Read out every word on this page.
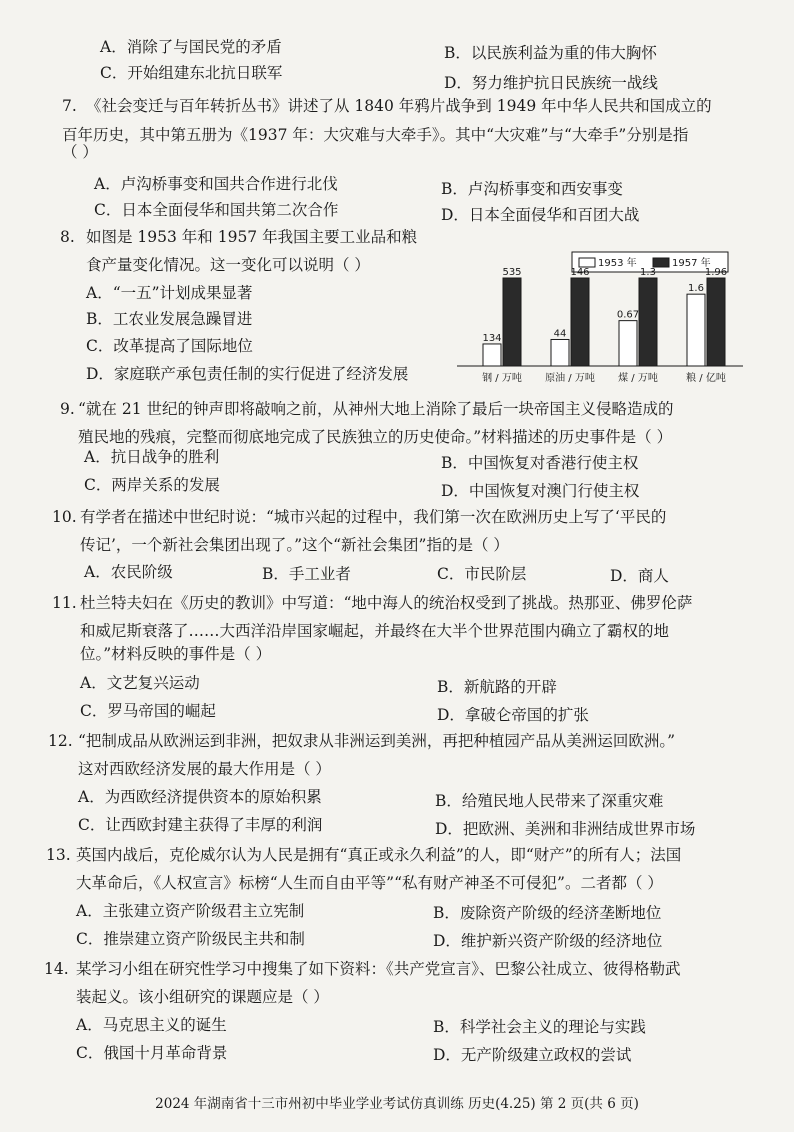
A．消除了与国民党的矛盾	B．以民族利益为重的伟大胸怀
C．开始组建东北抗日联军
D．努力维护抗日民族统一战线
7. 《社会变迁与百年转折丛书》讲述了从 1840 年鸦片战争到 1949 年中华人民共和国成立的
百年历史，其中第五册为《1937 年：大灾难与大牵手》。其中“大灾难”与“大牵手”分别是指
（ ）
A．卢沟桥事变和国共合作进行北伐	B．卢沟桥事变和西安事变
C．日本全面侵华和国共第二次合作	D．日本全面侵华和百团大战
8. 如图是 1953 年和 1957 年我国主要工业品和粮
食产量变化情况。这一变化可以说明（ ）
A．“一五”计划成果显著
B．工农业发展急躁冒进
C．改革提高了国际地位
D．家庭联产承包责任制的实行促进了经济发展
1953 年	1957 年
134
535
钢 / 万吨
44
146
原油 / 万吨
0.67
1.3
煤 / 万吨
1.6
1.96
粮 / 亿吨
9. “就在 21 世纪的钟声即将敲响之前，从神州大地上消除了最后一块帝国主义侵略造成的
殖民地的残痕，完整而彻底地完成了民族独立的历史使命。”材料描述的历史事件是（ ）
A．抗日战争的胜利	B．中国恢复对香港行使主权
C．两岸关系的发展	D．中国恢复对澳门行使主权
10. 有学者在描述中世纪时说：“城市兴起的过程中，我们第一次在欧洲历史上写了‘平民的
传记’，一个新社会集团出现了。”这个“新社会集团”指的是（ ）
A．农民阶级	B．手工业者	C．市民阶层	D．商人
11. 杜兰特夫妇在《历史的教训》中写道：“地中海人的统治权受到了挑战。热那亚、佛罗伦萨
和威尼斯衰落了……大西洋沿岸国家崛起，并最终在大半个世界范围内确立了霸权的地
位。”材料反映的事件是（ ）
A．文艺复兴运动	B．新航路的开辟
C．罗马帝国的崛起	D．拿破仑帝国的扩张
12. “把制成品从欧洲运到非洲，把奴隶从非洲运到美洲，再把种植园产品从美洲运回欧洲。”
这对西欧经济发展的最大作用是（ ）
A．为西欧经济提供资本的原始积累	B．给殖民地人民带来了深重灾难
C．让西欧封建主获得了丰厚的利润	D．把欧洲、美洲和非洲结成世界市场
13. 英国内战后，克伦威尔认为人民是拥有“真正或永久利益”的人，即“财产”的所有人；法国
大革命后，《人权宣言》标榜“人生而自由平等”“私有财产神圣不可侵犯”。二者都（ ）
A．主张建立资产阶级君主立宪制	B．废除资产阶级的经济垄断地位
C．推崇建立资产阶级民主共和制	D．维护新兴资产阶级的经济地位
14. 某学习小组在研究性学习中搜集了如下资料：《共产党宣言》、巴黎公社成立、彼得格勒武
装起义。该小组研究的课题应是（ ）
A．马克思主义的诞生	B．科学社会主义的理论与实践
C．俄国十月革命背景	D．无产阶级建立政权的尝试
2024 年湖南省十三市州初中毕业学业考试仿真训练 历史(4.25) 第 2 页(共 6 页)
